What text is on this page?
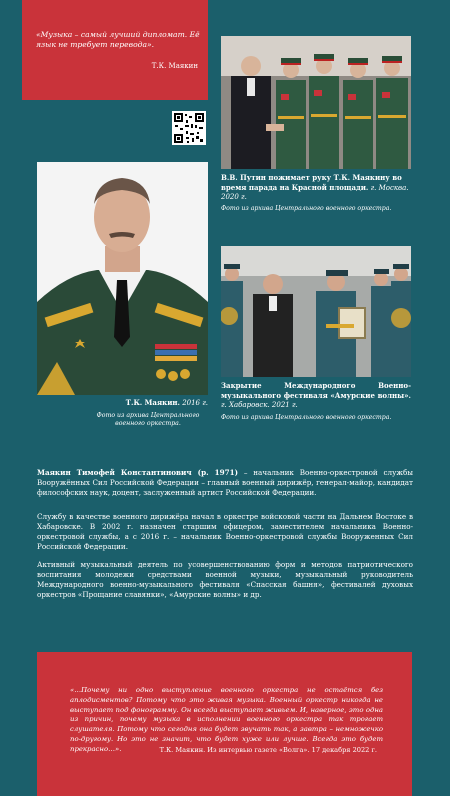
«Музыка – самый лучший дипломат. Её язык не требует перевода».
Т.К. Маякин
В.В. Путин пожимает руку Т.К. Маякину во время парада на Красной площади. г. Москва. 2020 г.
Фото из архива Центрального военного оркестра.
Т.К. Маякин. 2016 г.
Фото из архива Центрального военного оркестра.
Закрытие Международного Военно-музыкального фестиваля «Амурские волны». г. Хабаровск. 2021 г.
Фото из архива Центрального военного оркестра.
Маякин Тимофей Константинович (р. 1971) – начальник Военно-оркестровой службы Вооружённых Сил Российской Федерации – главный военный дирижёр, генерал-майор, кандидат философских наук, доцент, заслуженный артист Российской Федерации.
Службу в качестве военного дирижёра начал в оркестре войсковой части на Дальнем Востоке в Хабаровске. В 2002 г. назначен старшим офицером, заместителем начальника Военно-оркестровой службы, а с 2016 г. – начальник Военно-оркестровой службы Вооруженных Сил Российской Федерации.
Активный музыкальный деятель по усовершенствованию форм и методов патриотического воспитания молодежи средствами военной музыки, музыкальный руководитель Международного военно-музыкального фестиваля «Спасская башня», фестивалей духовых оркестров «Прощание славянки», «Амурские волны» и др.
«…Почему ни одно выступление военного оркестра не остаётся без аплодисментов? Потому что это живая музыка. Военный оркестр никогда не выступает под фонограмму. Он всегда выступает живьем. И, наверное, это одна из причин, почему музыка в исполнении военного оркестра так трогает слушателя. Потому что сегодня она будет звучать так, а завтра – немножечко по-другому. Но это не значит, что будет хуже или лучше. Всегда это будет прекрасно…».	Т.К. Маякин. Из интервью газете «Волга». 17 декабря 2022 г.
